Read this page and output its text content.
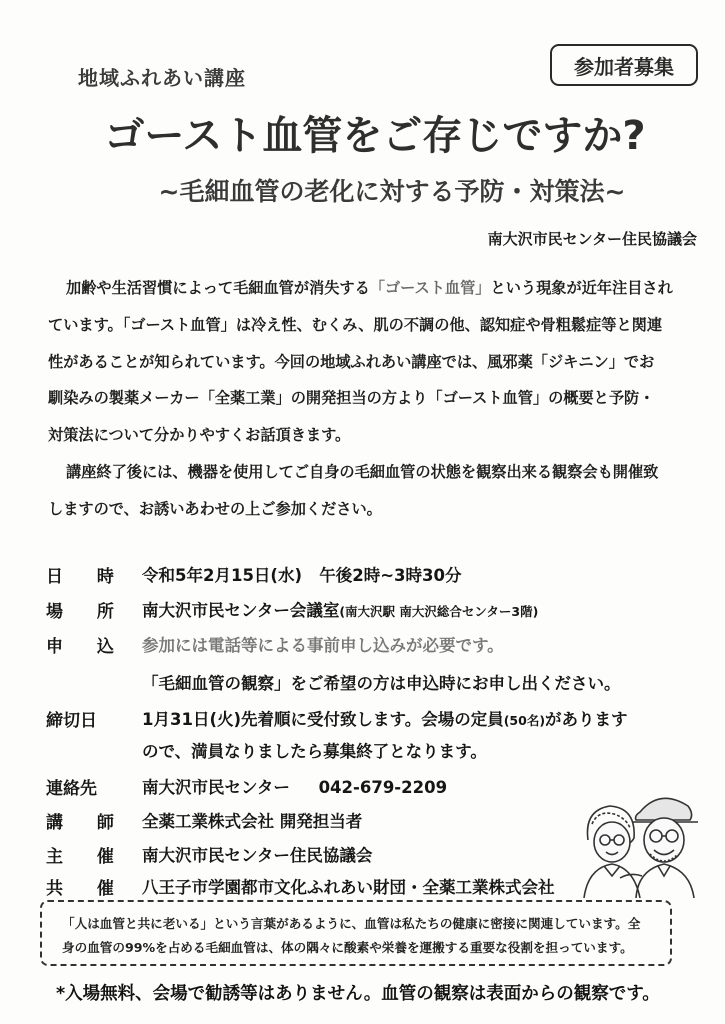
地域ふれあい講座	参加者募集
ゴースト血管をご存じですか?
~毛細血管の老化に対する予防・対策法~
南大沢市民センター住民協議会
加齢や生活習慣によって毛細血管が消失する「ゴースト血管」という現象が近年注目され
ています。「ゴースト血管」は冷え性、むくみ、肌の不調の他、認知症や骨粗鬆症等と関連
性があることが知られています。今回の地域ふれあい講座では、風邪薬「ジキニン」でお
馴染みの製薬メーカー「全薬工業」の開発担当の方より「ゴースト血管」の概要と予防・
対策法について分かりやすくお話頂きます。
講座終了後には、機器を使用してご自身の毛細血管の状態を観察出来る観察会も開催致
しますので、お誘いあわせの上ご参加ください。
日 時 令和5年2月15日(水) 午後2時~3時30分
場 所 南大沢市民センター会議室(南大沢駅 南大沢総合センター3階)
申 込 参加には電話等による事前申し込みが必要です。
「毛細血管の観察」をご希望の方は申込時にお申し出ください。
締切日	1月31日(火)先着順に受付致します。会場の定員(50名)があります
ので、満員なりましたら募集終了となります。
連絡先	南大沢市民センター 042-679-2209
講 師 全薬工業株式会社 開発担当者
主 催 南大沢市民センター住民協議会
共 催 八王子市学園都市文化ふれあい財団・全薬工業株式会社
「人は血管と共に老いる」という言葉があるように、血管は私たちの健康に密接に関連しています。全身の血管の99%を占める毛細血管は、体の隅々に酸素や栄養を運搬する重要な役割を担っています。
*入場無料、会場で勧誘等はありません。血管の観察は表面からの観察です。
